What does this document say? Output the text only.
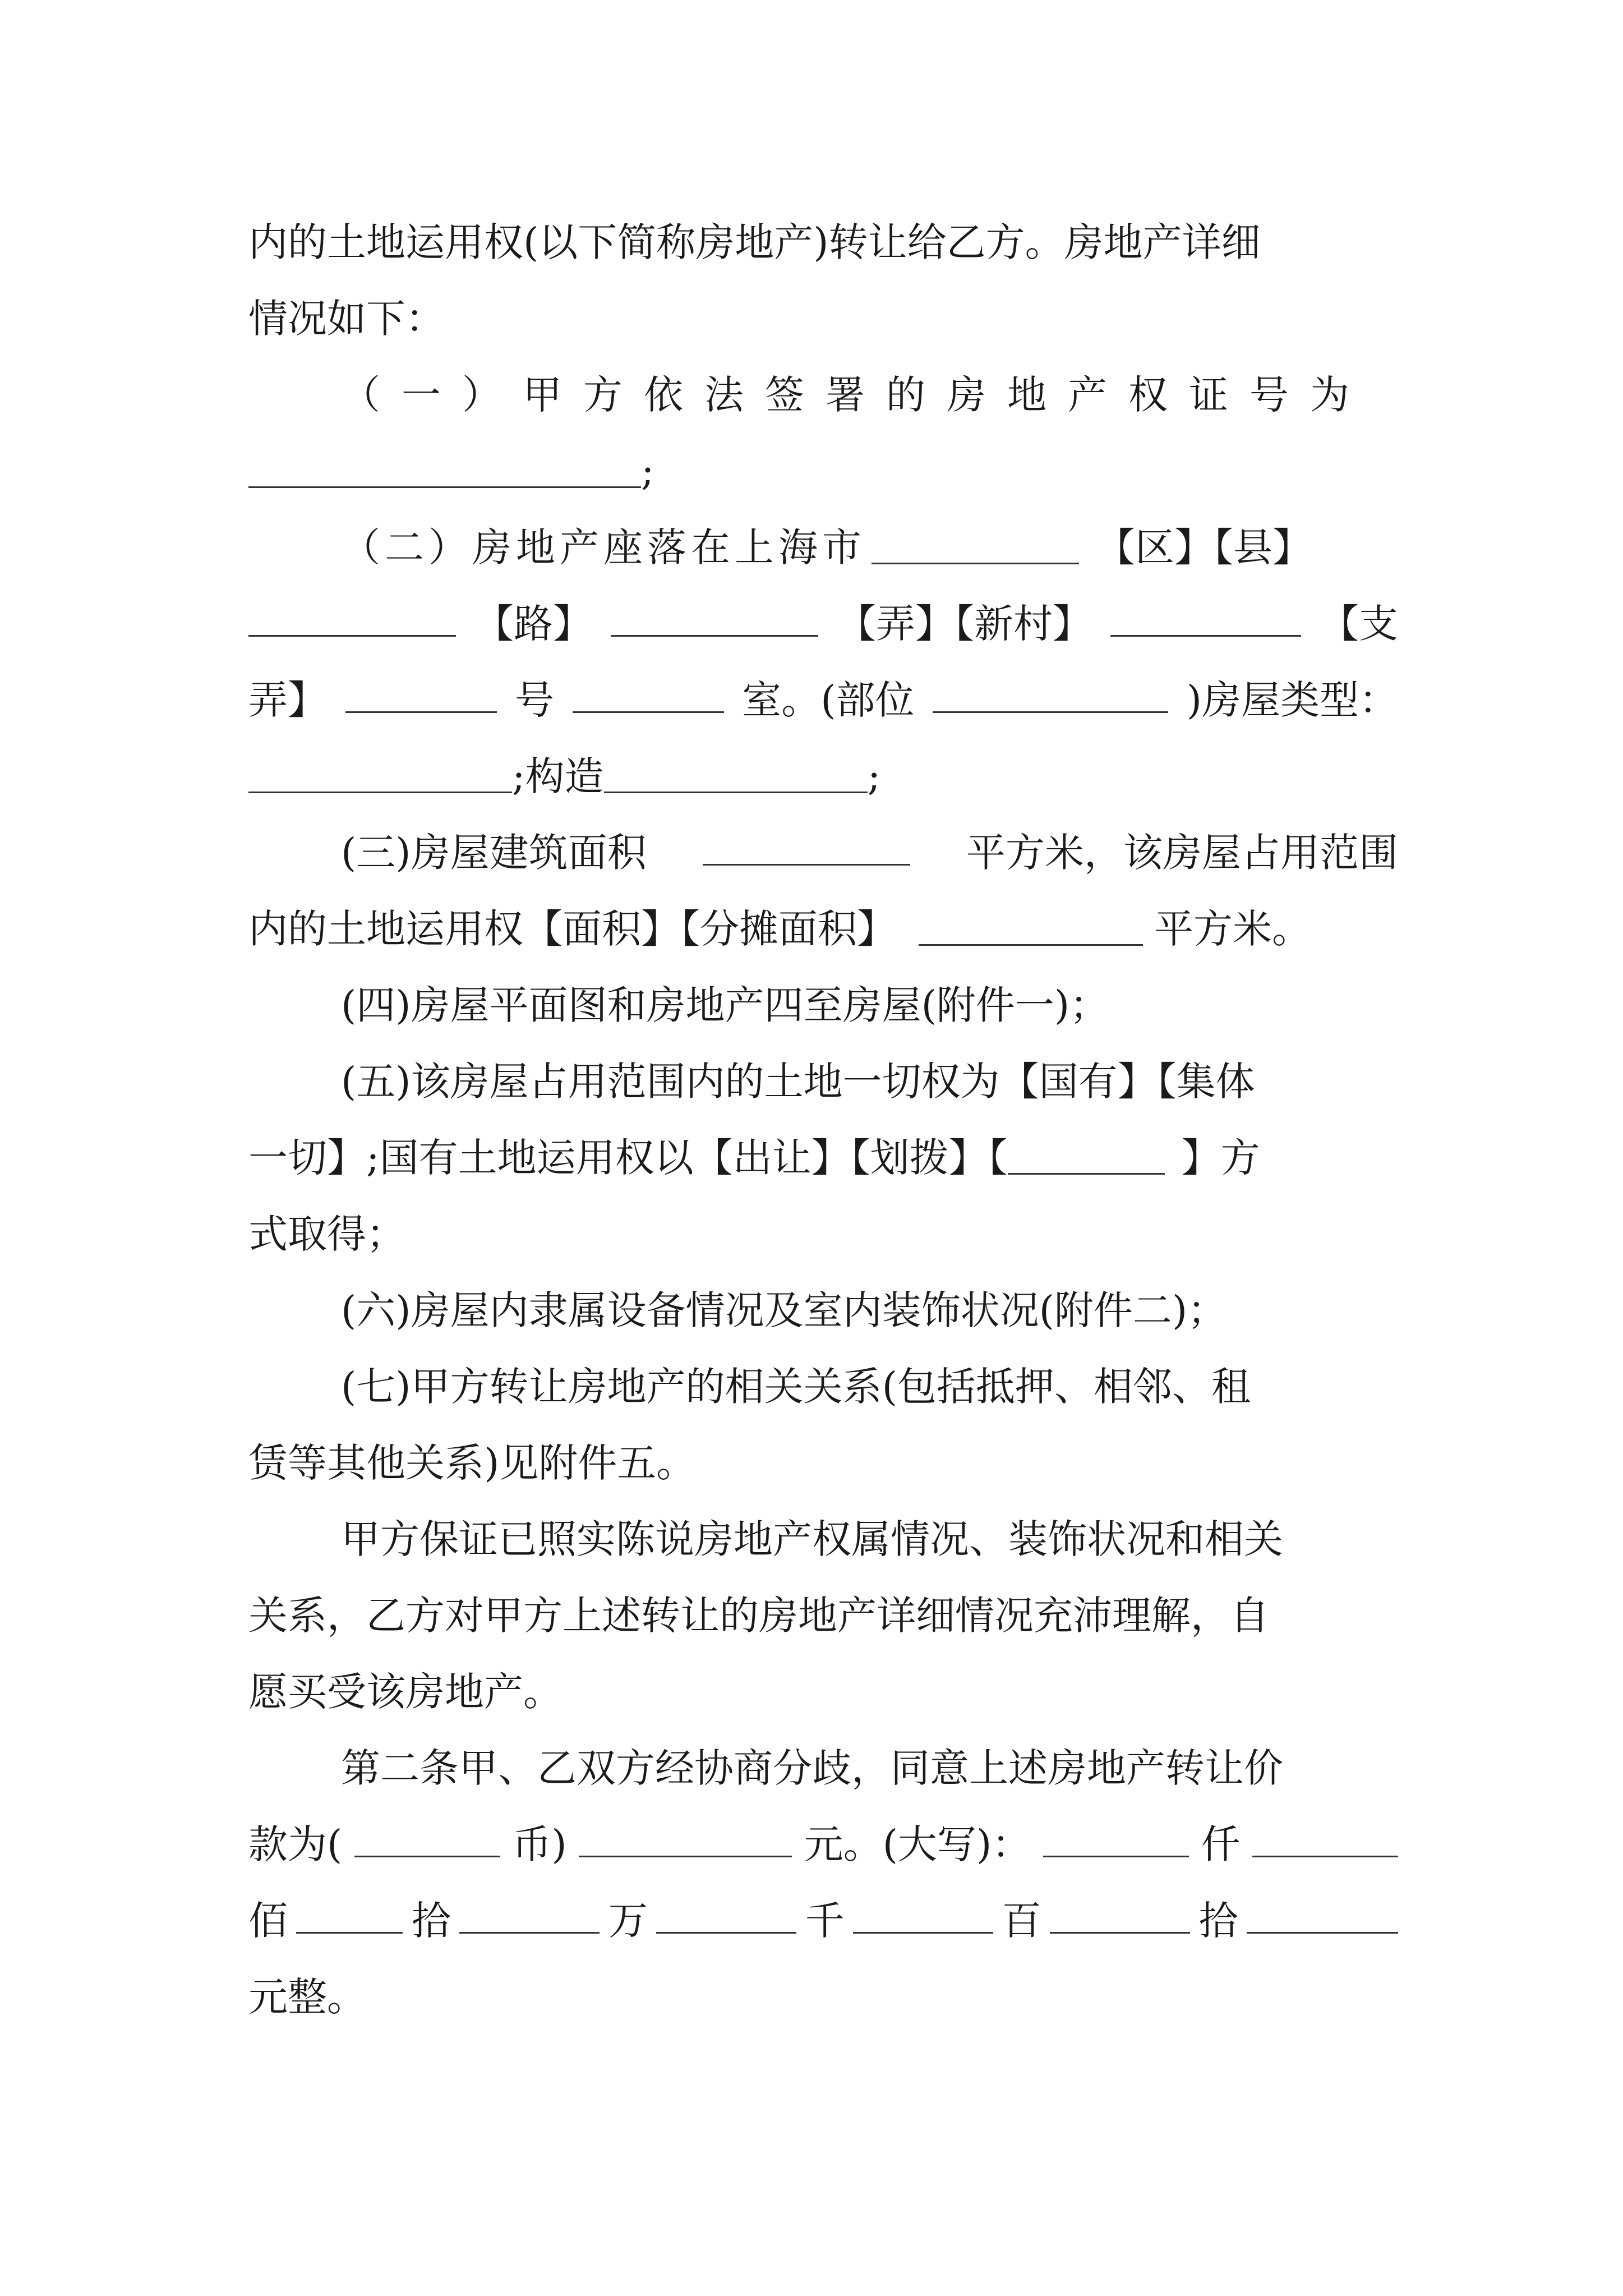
内的土地运用权(以下简称房地产)转让给乙方。房地产详细
情况如下：
（一）甲方依法签署的房地产权证号为
;
（二）房地产座落在上海市	【区】【县】
【路】	【弄】【新村】	【支
弄】	号	室。(部位	)房屋类型：
;构造	;
(三)房屋建筑面积	平方米，该房屋占用范围
内的土地运用权【面积】【分摊面积】	平方米。
(四)房屋平面图和房地产四至房屋(附件一)；
(五)该房屋占用范围内的土地一切权为【国有】【集体
一切】;国有土地运用权以【出让】【划拨】【	】方
式取得；
(六)房屋内隶属设备情况及室内装饰状况(附件二)；
(七)甲方转让房地产的相关关系(包括抵押、相邻、租
赁等其他关系)见附件五。
甲方保证已照实陈说房地产权属情况、装饰状况和相关
关系，乙方对甲方上述转让的房地产详细情况充沛理解，自
愿买受该房地产。
第二条甲、乙双方经协商分歧，同意上述房地产转让价
款为(	币)	元。(大写)：	仟
佰	拾	万	千	百	拾
元整。
